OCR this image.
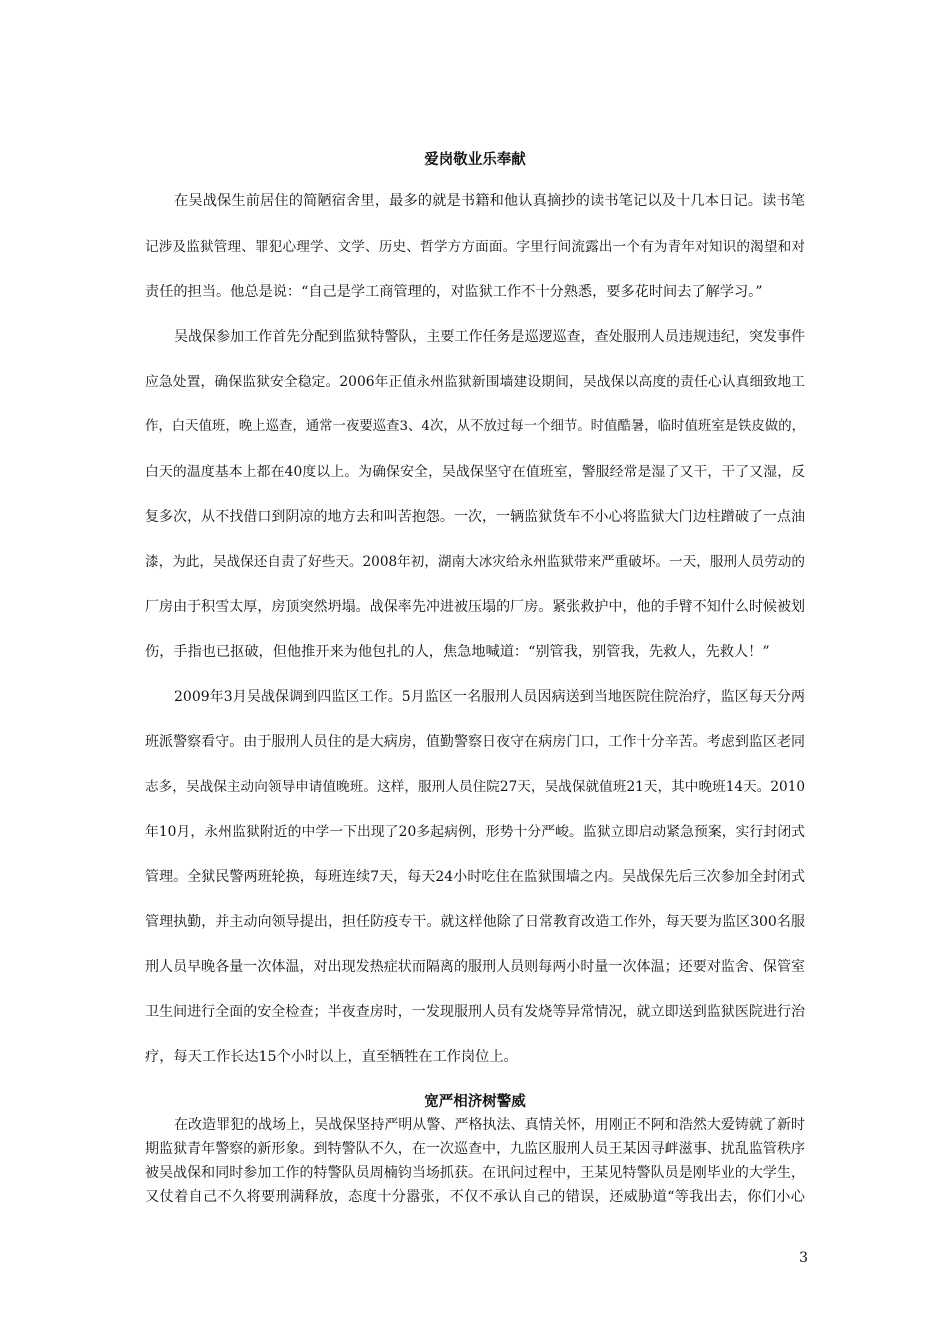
爱岗敬业乐奉献
在吴战保生前居住的简陋宿舍里，最多的就是书籍和他认真摘抄的读书笔记以及十几本日记。读书笔
记涉及监狱管理、罪犯心理学、文学、历史、哲学方方面面。字里行间流露出一个有为青年对知识的渴望和对
责任的担当。他总是说：“自己是学工商管理的，对监狱工作不十分熟悉，要多花时间去了解学习。”
吴战保参加工作首先分配到监狱特警队，主要工作任务是巡逻巡查，查处服刑人员违规违纪，突发事件
应急处置，确保监狱安全稳定。2006年正值永州监狱新围墙建设期间，吴战保以高度的责任心认真细致地工
作，白天值班，晚上巡查，通常一夜要巡查3、4次，从不放过每一个细节。时值酷暑，临时值班室是铁皮做的，
白天的温度基本上都在40度以上。为确保安全，吴战保坚守在值班室，警服经常是湿了又干，干了又湿，反
复多次，从不找借口到阴凉的地方去和叫苦抱怨。一次，一辆监狱货车不小心将监狱大门边柱蹭破了一点油
漆，为此，吴战保还自责了好些天。2008年初，湖南大冰灾给永州监狱带来严重破坏。一天，服刑人员劳动的
厂房由于积雪太厚，房顶突然坍塌。战保率先冲进被压塌的厂房。紧张救护中，他的手臂不知什么时候被划
伤，手指也已抠破，但他推开来为他包扎的人，焦急地喊道：“别管我，别管我，先救人，先救人！”
2009年3月吴战保调到四监区工作。5月监区一名服刑人员因病送到当地医院住院治疗，监区每天分两
班派警察看守。由于服刑人员住的是大病房，值勤警察日夜守在病房门口，工作十分辛苦。考虑到监区老同
志多，吴战保主动向领导申请值晚班。这样，服刑人员住院27天，吴战保就值班21天，其中晚班14天。2010
年10月，永州监狱附近的中学一下出现了20多起病例，形势十分严峻。监狱立即启动紧急预案，实行封闭式
管理。全狱民警两班轮换，每班连续7天，每天24小时吃住在监狱围墙之内。吴战保先后三次参加全封闭式
管理执勤，并主动向领导提出，担任防疫专干。就这样他除了日常教育改造工作外，每天要为监区300名服
刑人员早晚各量一次体温，对出现发热症状而隔离的服刑人员则每两小时量一次体温；还要对监舍、保管室
卫生间进行全面的安全检查；半夜查房时，一发现服刑人员有发烧等异常情况，就立即送到监狱医院进行治
疗，每天工作长达15个小时以上，直至牺牲在工作岗位上。
宽严相济树警威
在改造罪犯的战场上，吴战保坚持严明从警、严格执法、真情关怀，用刚正不阿和浩然大爱铸就了新时
期监狱青年警察的新形象。到特警队不久，在一次巡查中，九监区服刑人员王某因寻衅滋事、扰乱监管秩序
被吴战保和同时参加工作的特警队员周楠钧当场抓获。在讯问过程中，王某见特警队员是刚毕业的大学生，
又仗着自己不久将要刑满释放，态度十分嚣张，不仅不承认自己的错误，还威胁道“等我出去，你们小心
3
